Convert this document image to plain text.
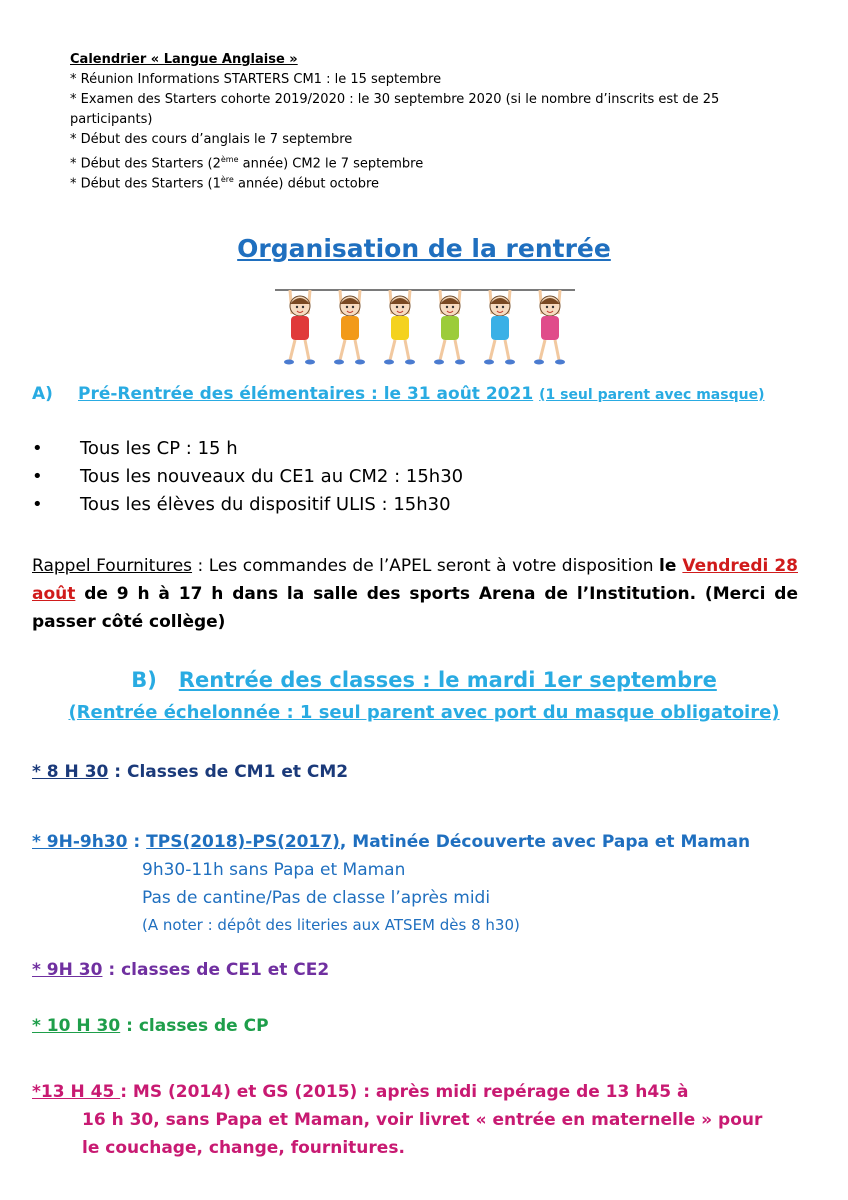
Calendrier « Langue Anglaise »
* Réunion Informations STARTERS CM1 : le 15 septembre
* Examen des Starters cohorte 2019/2020 : le 30 septembre 2020 (si le nombre d’inscrits est de 25
participants)
* Début des cours d’anglais le 7 septembre
* Début des Starters (2ème année) CM2 le 7 septembre
* Début des Starters (1ère année) début octobre
Organisation de la rentrée
A) Pré-Rentrée des élémentaires : le 31 août 2021 (1 seul parent avec masque)
• Tous les CP : 15 h
• Tous les nouveaux du CE1 au CM2 : 15h30
• Tous les élèves du dispositif ULIS : 15h30
Rappel Fournitures : Les commandes de l’APEL seront à votre disposition le Vendredi 28 août de 9 h à 17 h dans la salle des sports Arena de l’Institution. (Merci de passer côté collège)
B) Rentrée des classes : le mardi 1er septembre
(Rentrée échelonnée : 1 seul parent avec port du masque obligatoire)
* 8 H 30 : Classes de CM1 et CM2
* 9H-9h30 : TPS(2018)-PS(2017), Matinée Découverte avec Papa et Maman
9h30-11h sans Papa et Maman
Pas de cantine/Pas de classe l’après midi
(A noter : dépôt des literies aux ATSEM dès 8 h30)
* 9H 30 : classes de CE1 et CE2
* 10 H 30 : classes de CP
*13 H 45 : MS (2014) et GS (2015) : après midi repérage de 13 h45 à
16 h 30, sans Papa et Maman, voir livret « entrée en maternelle » pour
le couchage, change, fournitures.
